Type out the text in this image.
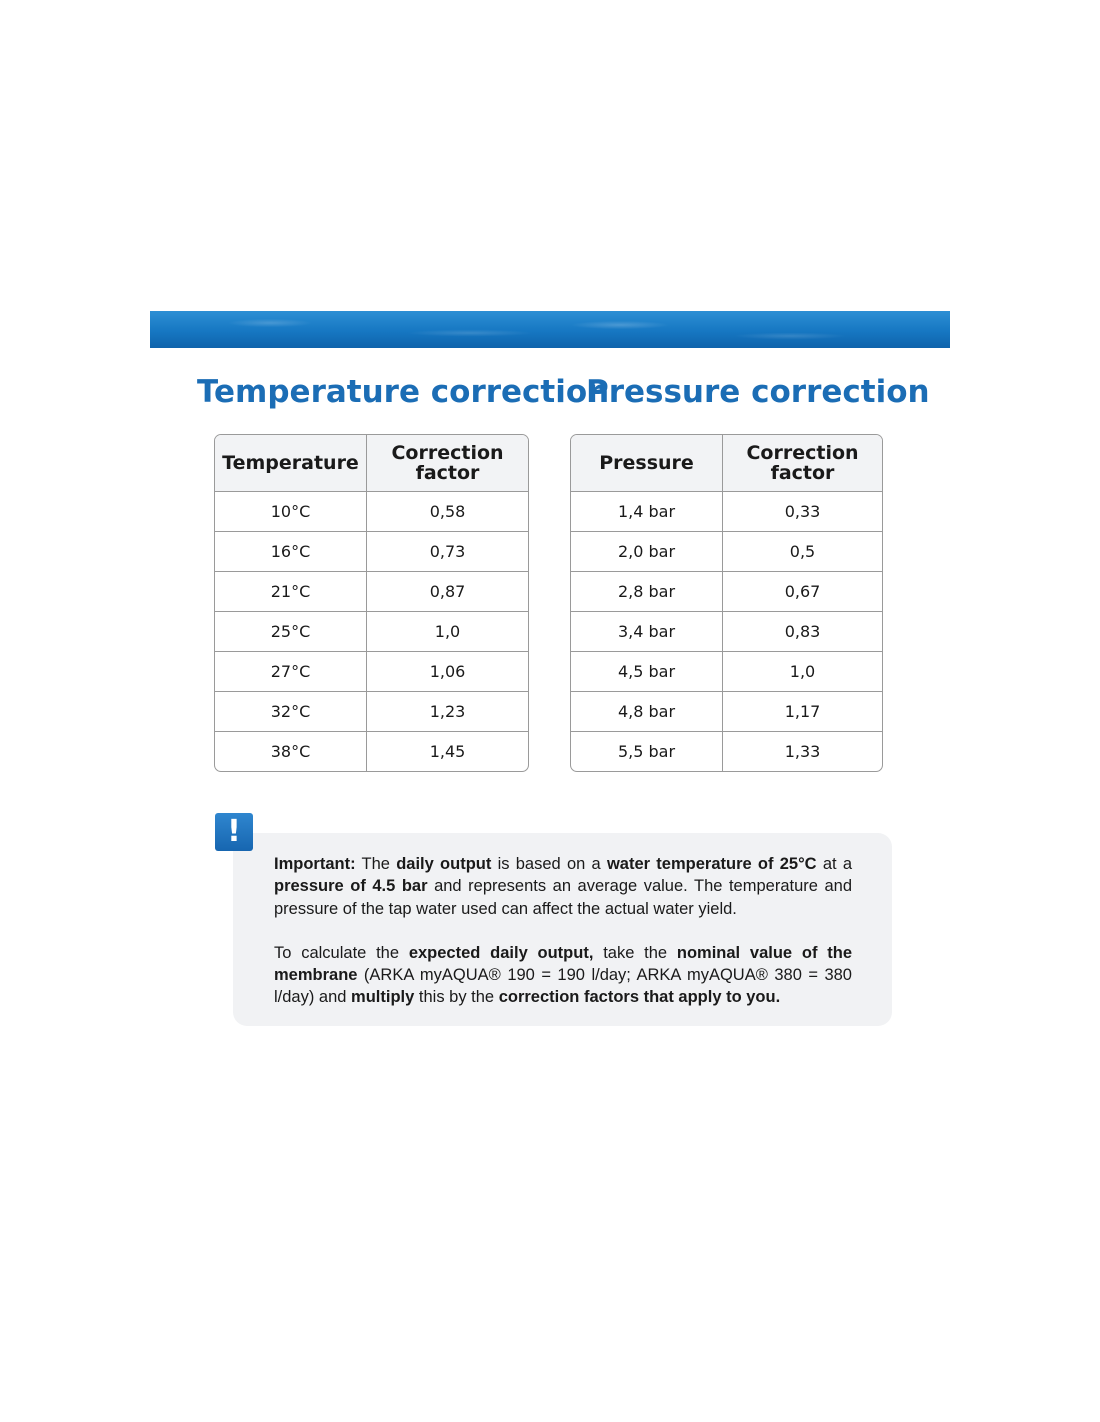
Temperature correction
Pressure correction
Temperature	Correction factor
10°C	0,58
16°C	0,73
21°C	0,87
25°C	1,0
27°C	1,06
32°C	1,23
38°C	1,45
Pressure	Correction factor
1,4 bar	0,33
2,0 bar	0,5
2,8 bar	0,67
3,4 bar	0,83
4,5 bar	1,0
4,8 bar	1,17
5,5 bar	1,33
!

Important: The daily output is based on a water temperature of 25°C at a pressure of 4.5 bar and represents an average value. The temperature and pressure of the tap water used can affect the actual water yield.

To calculate the expected daily output, take the nominal value of the membrane (ARKA myAQUA® 190 = 190 l/day; ARKA myAQUA® 380 = 380 l/day) and multiply this by the correction factors that apply to you.
